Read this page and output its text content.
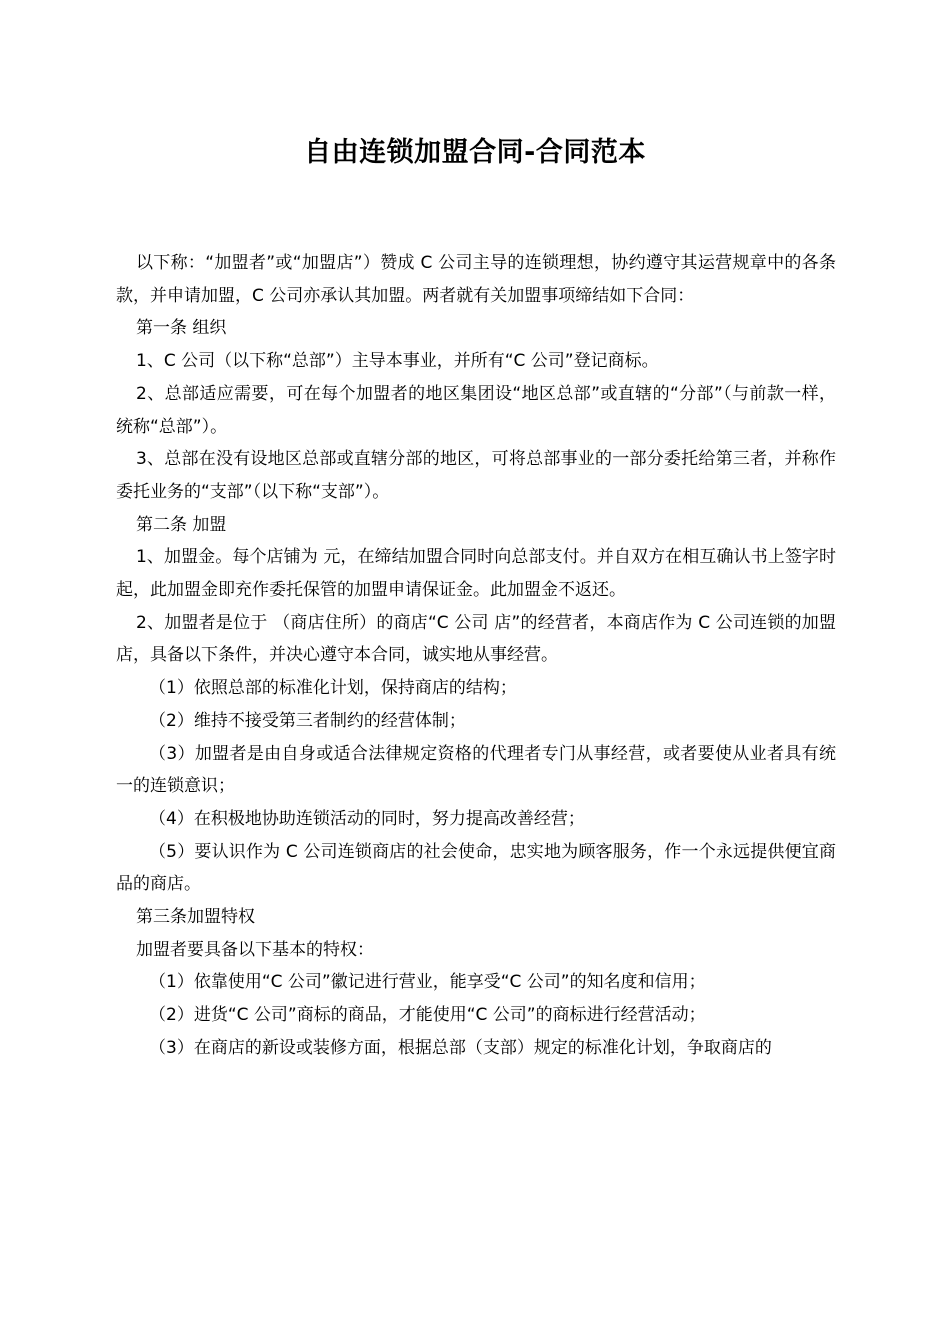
自由连锁加盟合同-合同范本

以下称：“加盟者”或“加盟店”）赞成 C 公司主导的连锁理想，协约遵守其运营规章中的各条款，并申请加盟，C 公司亦承认其加盟。两者就有关加盟事项缔结如下合同：

第一条 组织

1、C 公司（以下称“总部”）主导本事业，并所有“C 公司”登记商标。

2、总部适应需要，可在每个加盟者的地区集团设“地区总部”或直辖的“分部”（与前款一样，统称“总部”）。

3、总部在没有设地区总部或直辖分部的地区，可将总部事业的一部分委托给第三者，并称作委托业务的“支部”（以下称“支部”）。

第二条 加盟

1、加盟金。每个店铺为 元，在缔结加盟合同时向总部支付。并自双方在相互确认书上签字时起，此加盟金即充作委托保管的加盟申请保证金。此加盟金不返还。

2、加盟者是位于 （商店住所）的商店“C 公司 店”的经营者，本商店作为 C 公司连锁的加盟店，具备以下条件，并决心遵守本合同，诚实地从事经营。

（1）依照总部的标准化计划，保持商店的结构；

（2）维持不接受第三者制约的经营体制；

（3）加盟者是由自身或适合法律规定资格的代理者专门从事经营，或者要使从业者具有统一的连锁意识；

（4）在积极地协助连锁活动的同时，努力提高改善经营；

（5）要认识作为 C 公司连锁商店的社会使命，忠实地为顾客服务，作一个永远提供便宜商品的商店。

第三条加盟特权

加盟者要具备以下基本的特权：

（1）依靠使用“C 公司”徽记进行营业，能享受“C 公司”的知名度和信用；

（2）进货“C 公司”商标的商品，才能使用“C 公司”的商标进行经营活动；

（3）在商店的新设或装修方面，根据总部（支部）规定的标准化计划，争取商店的
